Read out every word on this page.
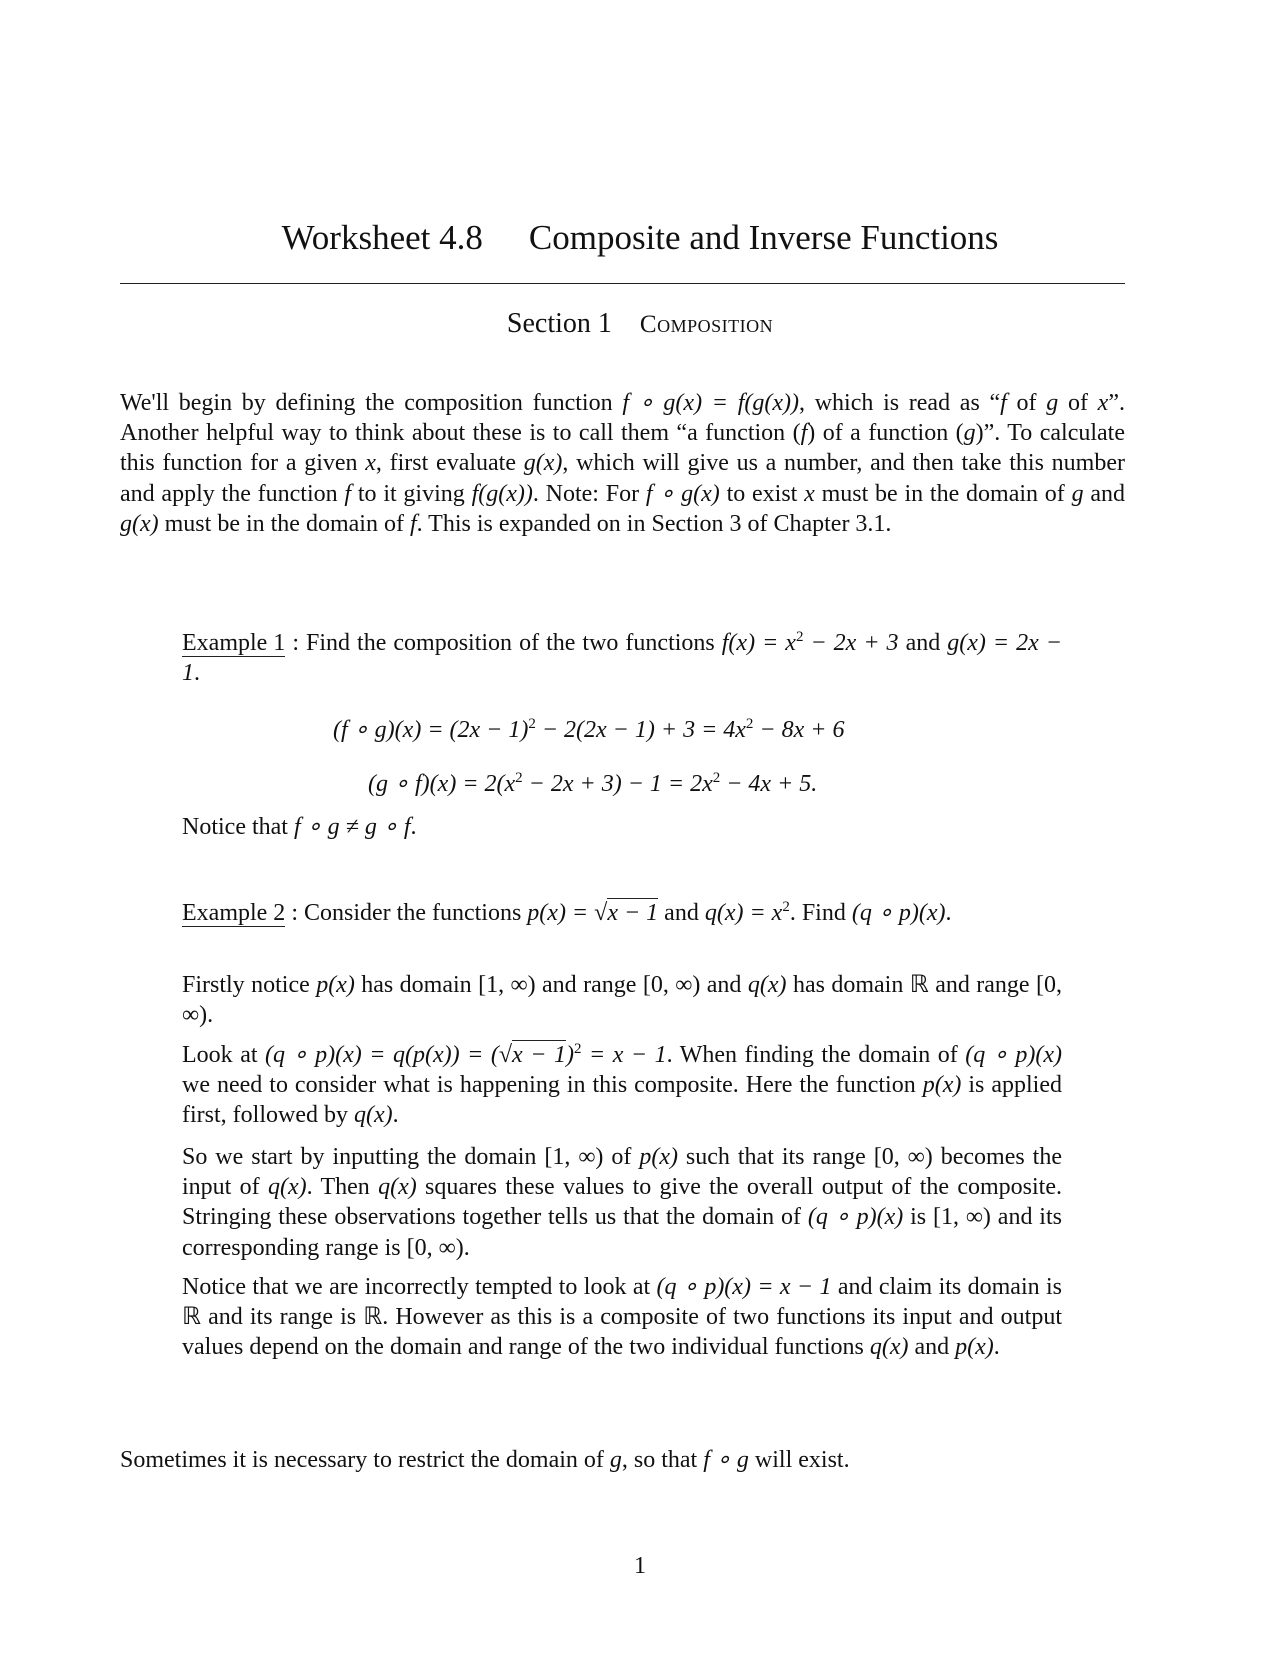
Worksheet 4.8 Composite and Inverse Functions
Section 1 Composition
We'll begin by defining the composition function f ∘ g(x) = f(g(x)), which is read as “f of g of x”. Another helpful way to think about these is to call them “a function (f) of a function (g)”. To calculate this function for a given x, first evaluate g(x), which will give us a number, and then take this number and apply the function f to it giving f(g(x)). Note: For f ∘ g(x) to exist x must be in the domain of g and g(x) must be in the domain of f. This is expanded on in Section 3 of Chapter 3.1.
Example 1 : Find the composition of the two functions $f(x) = x^2 - 2x + 3$ and g(x) = 2x − 1.
(f ∘ $g)(x) = (2x - 1)^2 - 2(2x - 1) + 3 = 4x^2 - 8x + 6$
(g ∘ $f)(x) = 2(x^2 - 2x + 3) - 1 = 2x^2 - 4x + 5$.
Notice that f ∘ g ≠ g ∘ f.
Example 2 : Consider the functions p(x) = √x − 1 and $q(x) = x^2$. Find (q ∘ p)(x).
Firstly notice p(x) has domain [1, ∞) and range [0, ∞) and q(x) has domain ℝ and range [0, ∞).
Look at (q ∘ $p)(x) = q(p(x)) = (√x - 1)^2 = x - 1$. When finding the domain of (q ∘ p)(x) we need to consider what is happening in this composite. Here the function p(x) is applied first, followed by q(x).
So we start by inputting the domain [1, ∞) of p(x) such that its range [0, ∞) becomes the input of q(x). Then q(x) squares these values to give the overall output of the composite. Stringing these observations together tells us that the domain of (q ∘ p)(x) is [1, ∞) and its corresponding range is [0, ∞).
Notice that we are incorrectly tempted to look at (q ∘ p)(x) = x − 1 and claim its domain is ℝ and its range is ℝ. However as this is a composite of two functions its input and output values depend on the domain and range of the two individual functions q(x) and p(x).
Sometimes it is necessary to restrict the domain of g, so that f ∘ g will exist.
1
